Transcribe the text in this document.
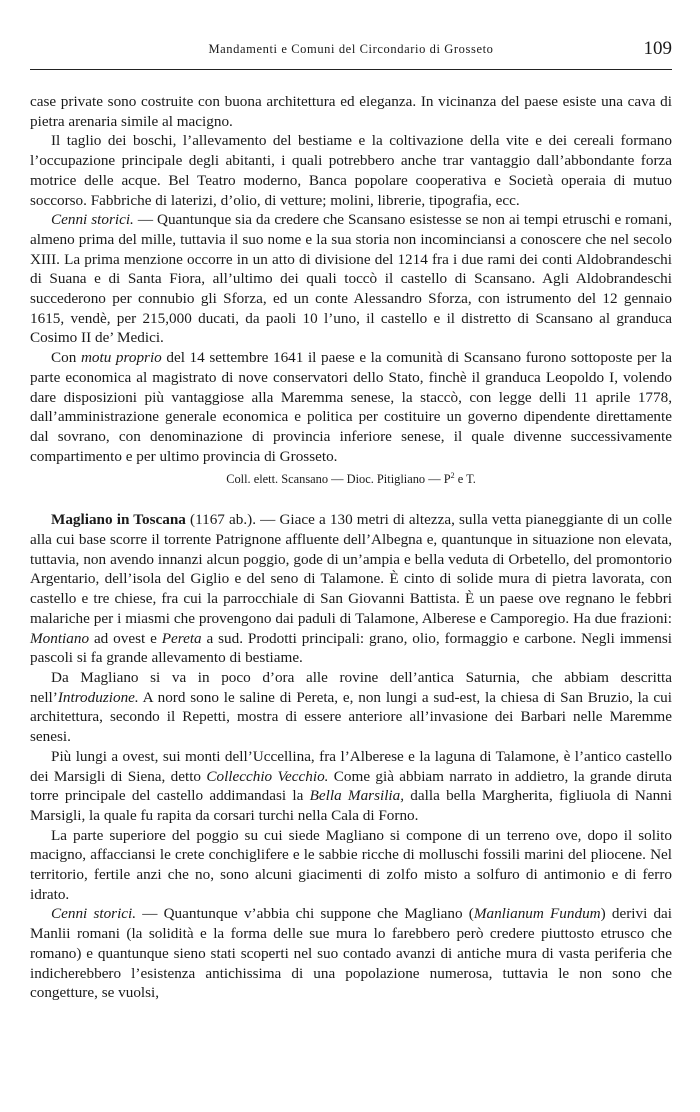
Mandamenti e Comuni del Circondario di Grosseto	109

case private sono costruite con buona architettura ed eleganza. In vicinanza del paese esiste una cava di pietra arenaria simile al macigno.

Il taglio dei boschi, l’allevamento del bestiame e la coltivazione della vite e dei cereali formano l’occupazione principale degli abitanti, i quali potrebbero anche trar vantaggio dall’abbondante forza motrice delle acque. Bel Teatro moderno, Banca popolare cooperativa e Società operaia di mutuo soccorso. Fabbriche di laterizi, d’olio, di vetture; molini, librerie, tipografia, ecc.

Cenni storici. — Quantunque sia da credere che Scansano esistesse se non ai tempi etruschi e romani, almeno prima del mille, tuttavia il suo nome e la sua storia non incominciansi a conoscere che nel secolo XIII. La prima menzione occorre in un atto di divisione del 1214 fra i due rami dei conti Aldobrandeschi di Suana e di Santa Fiora, all’ultimo dei quali toccò il castello di Scansano. Agli Aldobrandeschi succederono per connubio gli Sforza, ed un conte Alessandro Sforza, con istrumento del 12 gennaio 1615, vendè, per 215,000 ducati, da paoli 10 l’uno, il castello e il distretto di Scansano al granduca Cosimo II de’ Medici.

Con motu proprio del 14 settembre 1641 il paese e la comunità di Scansano furono sottoposte per la parte economica al magistrato di nove conservatori dello Stato, finchè il granduca Leopoldo I, volendo dare disposizioni più vantaggiose alla Maremma senese, la staccò, con legge delli 11 aprile 1778, dall’amministrazione generale economica e politica per costituire un governo dipendente direttamente dal sovrano, con denominazione di provincia inferiore senese, il quale divenne successivamente compartimento e per ultimo provincia di Grosseto.

Coll. elett. Scansano — Dioc. Pitigliano — $P^2$ e T.

Magliano in Toscana (1167 ab.). — Giace a 130 metri di altezza, sulla vetta pianeggiante di un colle alla cui base scorre il torrente Patrignone affluente dell’Albegna e, quantunque in situazione non elevata, tuttavia, non avendo innanzi alcun poggio, gode di un’ampia e bella veduta di Orbetello, del promontorio Argentario, dell’isola del Giglio e del seno di Talamone. È cinto di solide mura di pietra lavorata, con castello e tre chiese, fra cui la parrocchiale di San Giovanni Battista. È un paese ove regnano le febbri malariche per i miasmi che provengono dai paduli di Talamone, Alberese e Camporegio. Ha due frazioni: Montiano ad ovest e Pereta a sud. Prodotti principali: grano, olio, formaggio e carbone. Negli immensi pascoli si fa grande allevamento di bestiame.

Da Magliano si va in poco d’ora alle rovine dell’antica Saturnia, che abbiam descritta nell’Introduzione. A nord sono le saline di Pereta, e, non lungi a sud-est, la chiesa di San Bruzio, la cui architettura, secondo il Repetti, mostra di essere anteriore all’invasione dei Barbari nelle Maremme senesi.

Più lungi a ovest, sui monti dell’Uccellina, fra l’Alberese e la laguna di Talamone, è l’antico castello dei Marsigli di Siena, detto Collecchio Vecchio. Come già abbiam narrato in addietro, la grande diruta torre principale del castello addimandasi la Bella Marsilia, dalla bella Margherita, figliuola di Nanni Marsigli, la quale fu rapita da corsari turchi nella Cala di Forno.

La parte superiore del poggio su cui siede Magliano si compone di un terreno ove, dopo il solito macigno, affacciansi le crete conchiglifere e le sabbie ricche di molluschi fossili marini del pliocene. Nel territorio, fertile anzi che no, sono alcuni giacimenti di zolfo misto a solfuro di antimonio e di ferro idrato.

Cenni storici. — Quantunque v’abbia chi suppone che Magliano (Manlianum Fundum) derivi dai Manlii romani (la solidità e la forma delle sue mura lo farebbero però credere piuttosto etrusco che romano) e quantunque sieno stati scoperti nel suo contado avanzi di antiche mura di vasta periferia che indicherebbero l’esistenza antichissima di una popolazione numerosa, tuttavia le non sono che congetture, se vuolsi,
